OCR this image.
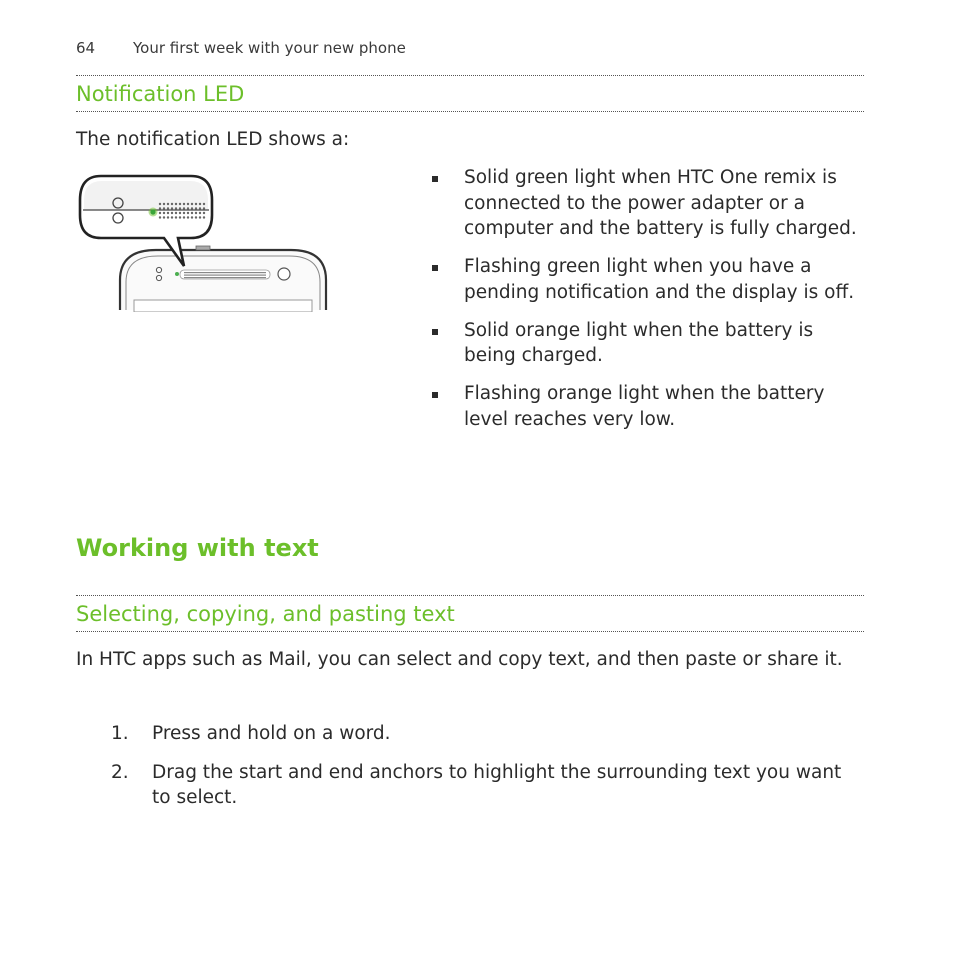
64	Your first week with your new phone
Notification LED
The notification LED shows a:
Solid green light when HTC One remix is connected to the power adapter or a computer and the battery is fully charged.
Flashing green light when you have a pending notification and the display is off.
Solid orange light when the battery is being charged.
Flashing orange light when the battery level reaches very low.
Working with text
Selecting, copying, and pasting text
In HTC apps such as Mail, you can select and copy text, and then paste or share it.
1. Press and hold on a word.
2. Drag the start and end anchors to highlight the surrounding text you want to select.
